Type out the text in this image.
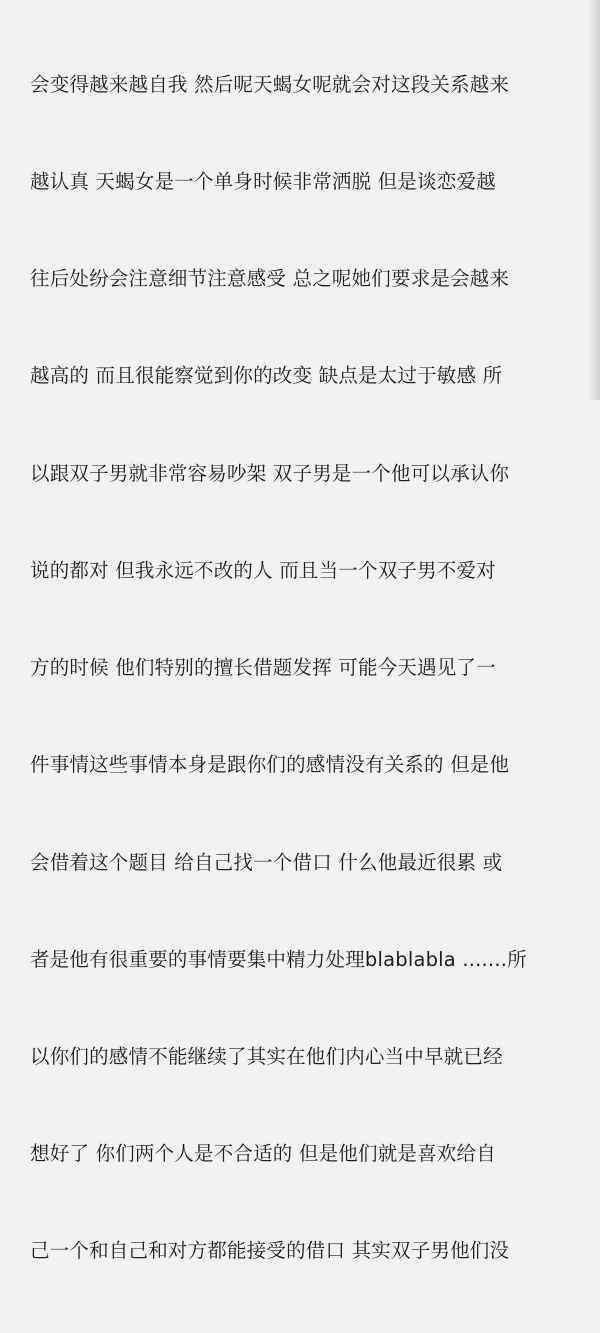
会变得越来越自我 然后呢天蝎女呢就会对这段关系越来

越认真 天蝎女是一个单身时候非常洒脱 但是谈恋爱越

往后处纷会注意细节注意感受 总之呢她们要求是会越来

越高的 而且很能察觉到你的改变 缺点是太过于敏感 所

以跟双子男就非常容易吵架 双子男是一个他可以承认你

说的都对 但我永远不改的人 而且当一个双子男不爱对

方的时候 他们特别的擅长借题发挥 可能今天遇见了一

件事情这些事情本身是跟你们的感情没有关系的 但是他

会借着这个题目 给自己找一个借口 什么他最近很累 或

者是他有很重要的事情要集中精力处理blablabla .......所

以你们的感情不能继续了其实在他们内心当中早就已经

想好了 你们两个人是不合适的 但是他们就是喜欢给自

己一个和自己和对方都能接受的借口 其实双子男他们没
